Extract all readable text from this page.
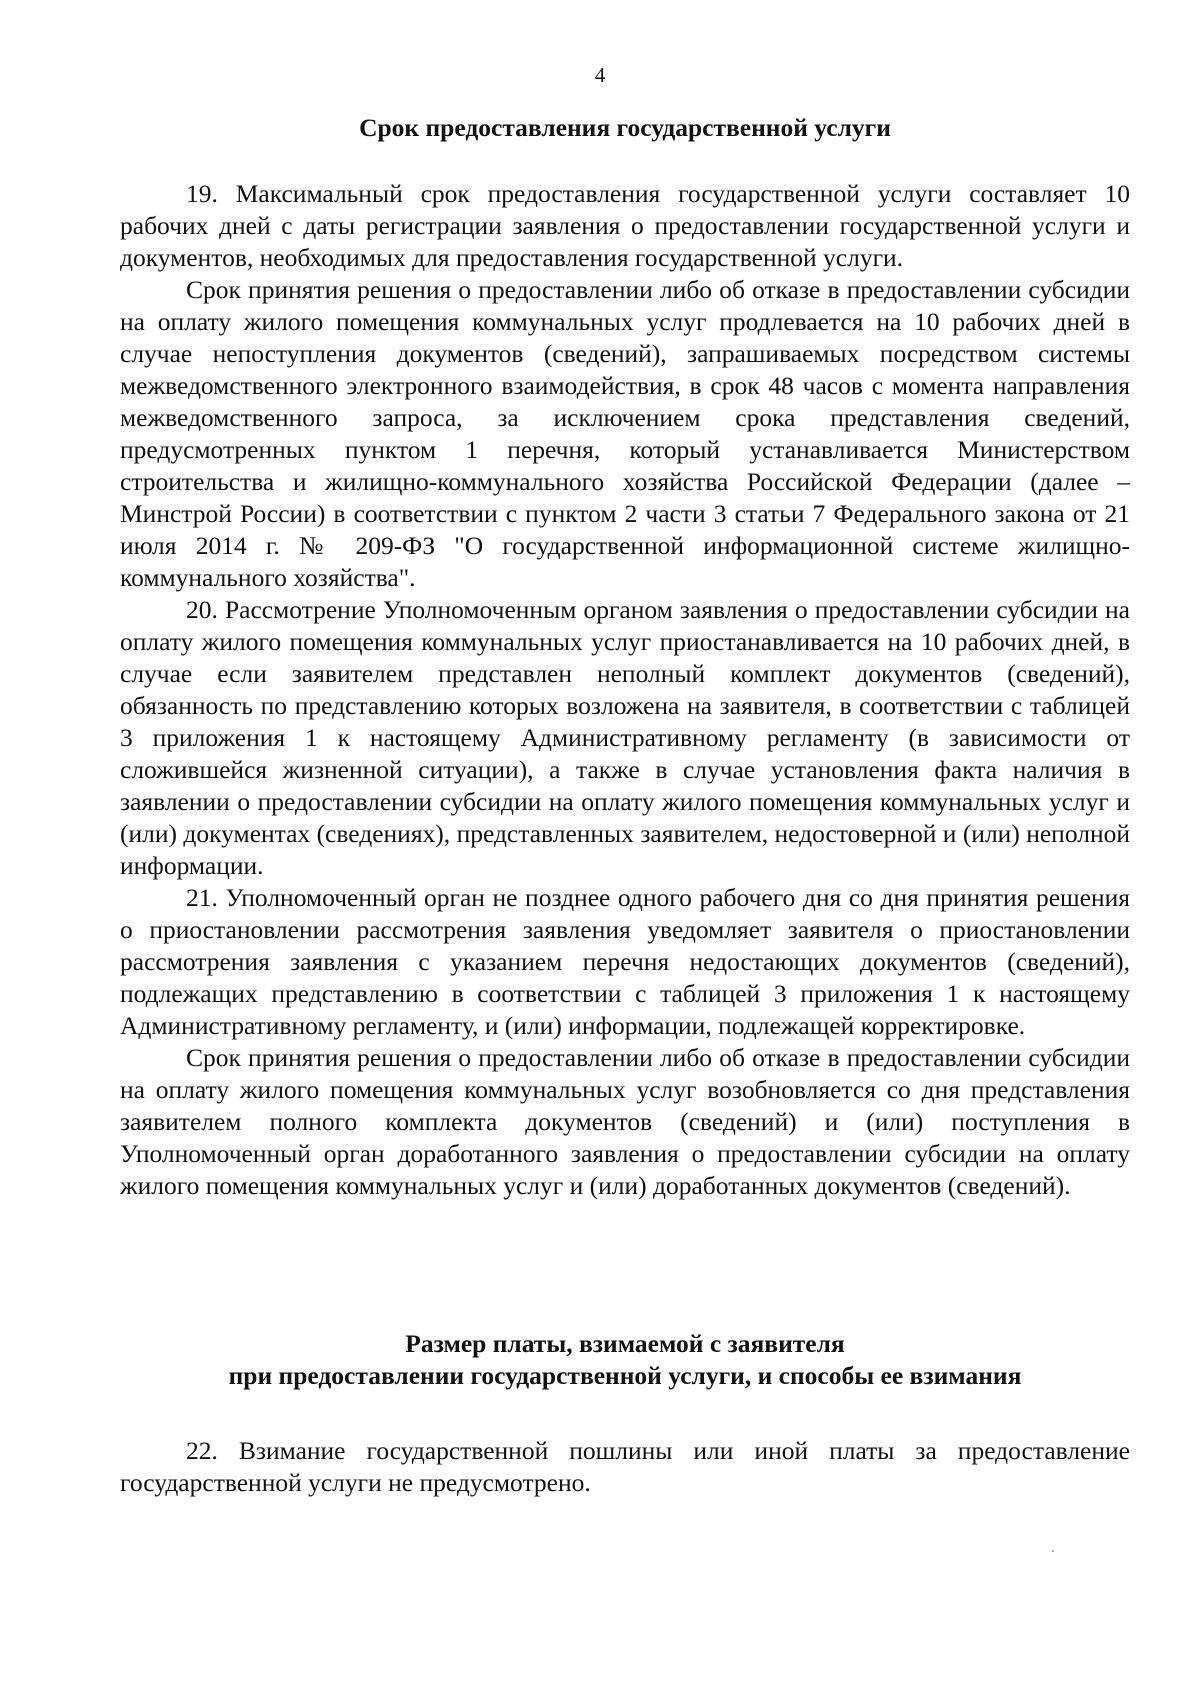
4
Срок предоставления государственной услуги

19. Максимальный срок предоставления государственной услуги составляет 10 рабочих дней с даты регистрации заявления о предоставлении государственной услуги и документов, необходимых для предоставления государственной услуги.

Срок принятия решения о предоставлении либо об отказе в предоставлении субсидии на оплату жилого помещения коммунальных услуг продлевается на 10 рабочих дней в случае непоступления документов (сведений), запрашиваемых посредством системы межведомственного электронного взаимодействия, в срок 48 часов с момента направления межведомственного запроса, за исключением срока представления сведений, предусмотренных пунктом 1 перечня, который устанавливается Министерством строительства и жилищно-коммунального хозяйства Российской Федерации (далее – Минстрой России) в соответствии с пунктом 2 части 3 статьи 7 Федерального закона от 21 июля 2014 г. № 209-ФЗ "О государственной информационной системе жилищно-коммунального хозяйства".

20. Рассмотрение Уполномоченным органом заявления о предоставлении субсидии на оплату жилого помещения коммунальных услуг приостанавливается на 10 рабочих дней, в случае если заявителем представлен неполный комплект документов (сведений), обязанность по представлению которых возложена на заявителя, в соответствии с таблицей 3 приложения 1 к настоящему Административному регламенту (в зависимости от сложившейся жизненной ситуации), а также в случае установления факта наличия в заявлении о предоставлении субсидии на оплату жилого помещения коммунальных услуг и (или) документах (сведениях), представленных заявителем, недостоверной и (или) неполной информации.

21. Уполномоченный орган не позднее одного рабочего дня со дня принятия решения о приостановлении рассмотрения заявления уведомляет заявителя о приостановлении рассмотрения заявления с указанием перечня недостающих документов (сведений), подлежащих представлению в соответствии с таблицей 3 приложения 1 к настоящему Административному регламенту, и (или) информации, подлежащей корректировке.

Срок принятия решения о предоставлении либо об отказе в предоставлении субсидии на оплату жилого помещения коммунальных услуг возобновляется со дня представления заявителем полного комплекта документов (сведений) и (или) поступления в Уполномоченный орган доработанного заявления о предоставлении субсидии на оплату жилого помещения коммунальных услуг и (или) доработанных документов (сведений).

Размер платы, взимаемой с заявителя
при предоставлении государственной услуги, и способы ее взимания

22. Взимание государственной пошлины или иной платы за предоставление государственной услуги не предусмотрено.
